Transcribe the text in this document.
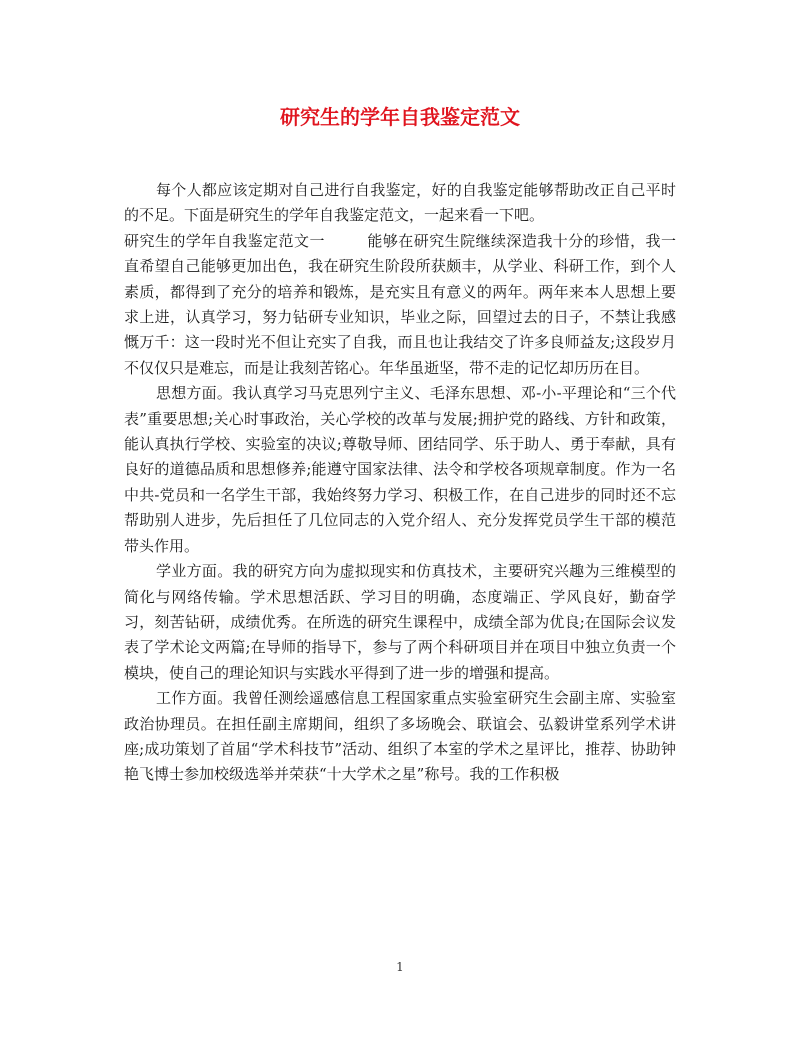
研究生的学年自我鉴定范文

每个人都应该定期对自己进行自我鉴定，好的自我鉴定能够帮助改正自己平时的不足。下面是研究生的学年自我鉴定范文，一起来看一下吧。

研究生的学年自我鉴定范文一	能够在研究生院继续深造我十分的珍惜，我一直希望自己能够更加出色，我在研究生阶段所获颇丰，从学业、科研工作，到个人素质，都得到了充分的培养和锻炼，是充实且有意义的两年。两年来本人思想上要求上进，认真学习，努力钻研专业知识，毕业之际，回望过去的日子，不禁让我感慨万千：这一段时光不但让充实了自我，而且也让我结交了许多良师益友;这段岁月不仅仅只是难忘，而是让我刻苦铭心。年华虽逝坚，带不走的记忆却历历在目。

思想方面。我认真学习马克思列宁主义、毛泽东思想、邓-小-平理论和“三个代表”重要思想;关心时事政治，关心学校的改革与发展;拥护党的路线、方针和政策，能认真执行学校、实验室的决议;尊敬导师、团结同学、乐于助人、勇于奉献，具有良好的道德品质和思想修养;能遵守国家法律、法令和学校各项规章制度。作为一名中共-党员和一名学生干部，我始终努力学习、积极工作，在自己进步的同时还不忘帮助别人进步，先后担任了几位同志的入党介绍人、充分发挥党员学生干部的模范带头作用。

学业方面。我的研究方向为虚拟现实和仿真技术，主要研究兴趣为三维模型的简化与网络传输。学术思想活跃、学习目的明确，态度端正、学风良好，勤奋学习，刻苦钻研，成绩优秀。在所选的研究生课程中，成绩全部为优良;在国际会议发表了学术论文两篇;在导师的指导下，参与了两个科研项目并在项目中独立负责一个模块，使自己的理论知识与实践水平得到了进一步的增强和提高。

工作方面。我曾任测绘遥感信息工程国家重点实验室研究生会副主席、实验室政治协理员。在担任副主席期间，组织了多场晚会、联谊会、弘毅讲堂系列学术讲座;成功策划了首届“学术科技节”活动、组织了本室的学术之星评比，推荐、协助钟艳飞博士参加校级选举并荣获“十大学术之星”称号。我的工作积极

1
